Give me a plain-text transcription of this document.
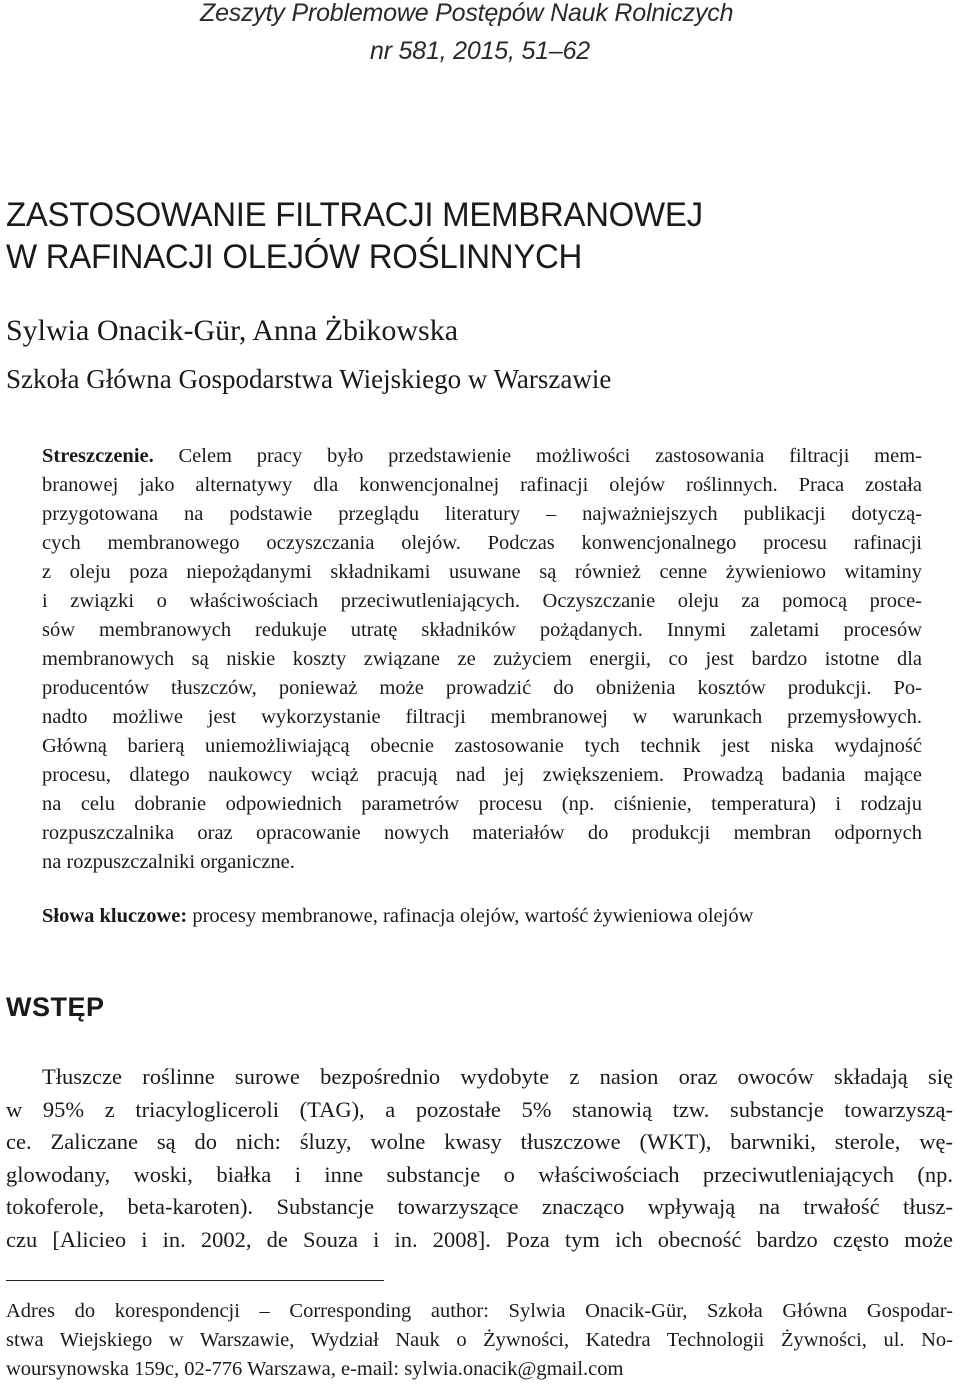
Zeszyty Problemowe Postępów Nauk Rolniczych
nr 581, 2015, 51–62
ZASTOSOWANIE FILTRACJI MEMBRANOWEJ
W RAFINACJI OLEJÓW ROŚLINNYCH
Sylwia Onacik-Gür, Anna Żbikowska
Szkoła Główna Gospodarstwa Wiejskiego w Warszawie
Streszczenie. Celem pracy było przedstawienie możliwości zastosowania filtracji mem-
branowej jako alternatywy dla konwencjonalnej rafinacji olejów roślinnych. Praca została
przygotowana na podstawie przeglądu literatury – najważniejszych publikacji dotyczą-
cych membranowego oczyszczania olejów. Podczas konwencjonalnego procesu rafinacji
z oleju poza niepożądanymi składnikami usuwane są również cenne żywieniowo witaminy
i związki o właściwościach przeciwutleniających. Oczyszczanie oleju za pomocą proce-
sów membranowych redukuje utratę składników pożądanych. Innymi zaletami procesów
membranowych są niskie koszty związane ze zużyciem energii, co jest bardzo istotne dla
producentów tłuszczów, ponieważ może prowadzić do obniżenia kosztów produkcji. Po-
nadto możliwe jest wykorzystanie filtracji membranowej w warunkach przemysłowych.
Główną barierą uniemożliwiającą obecnie zastosowanie tych technik jest niska wydajność
procesu, dlatego naukowcy wciąż pracują nad jej zwiększeniem. Prowadzą badania mające
na celu dobranie odpowiednich parametrów procesu (np. ciśnienie, temperatura) i rodzaju
rozpuszczalnika oraz opracowanie nowych materiałów do produkcji membran odpornych
na rozpuszczalniki organiczne.
Słowa kluczowe: procesy membranowe, rafinacja olejów, wartość żywieniowa olejów
WSTĘP
Tłuszcze roślinne surowe bezpośrednio wydobyte z nasion oraz owoców składają się
w 95% z triacylogliceroli (TAG), a pozostałe 5% stanowią tzw. substancje towarzyszą-
ce. Zaliczane są do nich: śluzy, wolne kwasy tłuszczowe (WKT), barwniki, sterole, wę-
glowodany, woski, białka i inne substancje o właściwościach przeciwutleniających (np.
tokoferole, beta-karoten). Substancje towarzyszące znacząco wpływają na trwałość tłusz-
czu [Alicieo i in. 2002, de Souza i in. 2008]. Poza tym ich obecność bardzo często może
Adres do korespondencji – Corresponding author: Sylwia Onacik-Gür, Szkoła Główna Gospodar-
stwa Wiejskiego w Warszawie, Wydział Nauk o Żywności, Katedra Technologii Żywności, ul. No-
woursynowska 159c, 02-776 Warszawa, e-mail: sylwia.onacik@gmail.com
